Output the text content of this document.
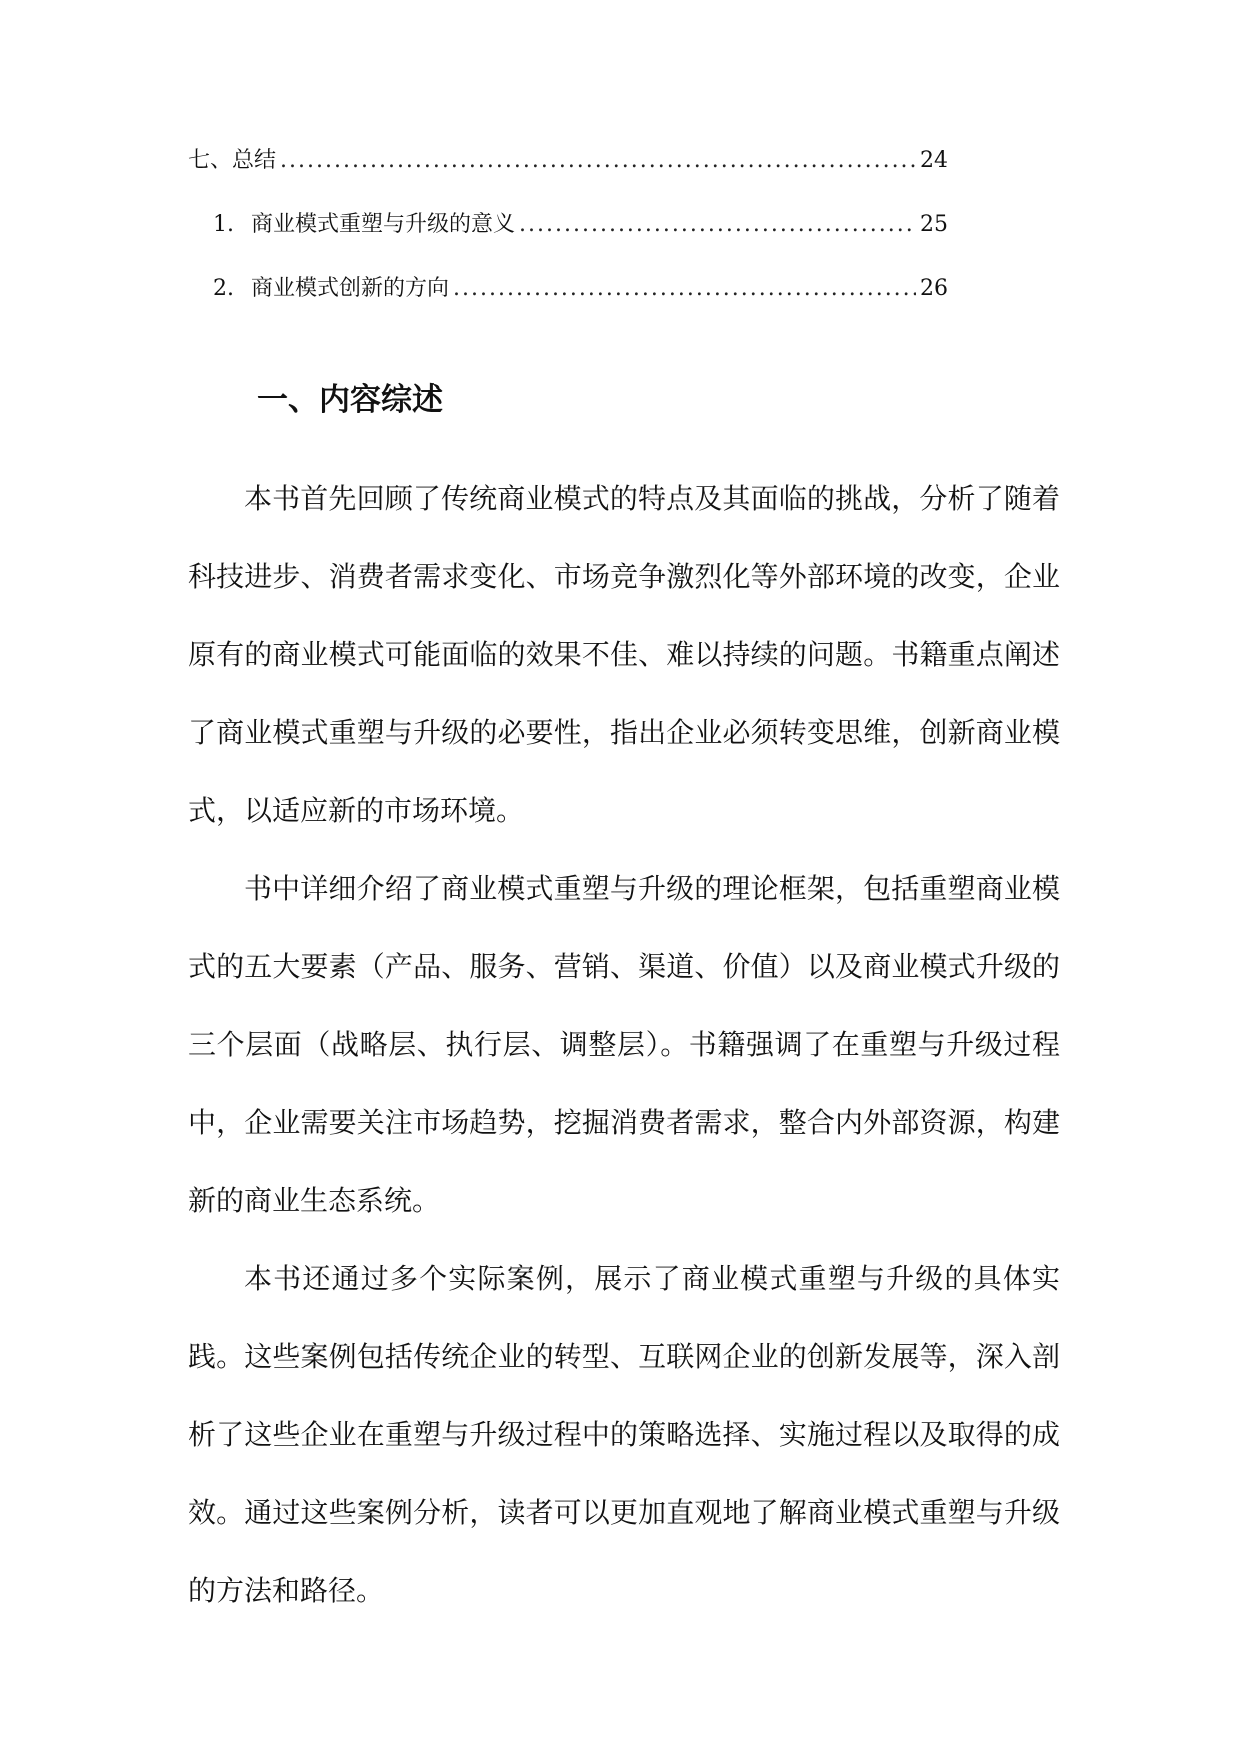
七、 总结 .....	24
1. 商业模式重塑与升级的意义 .....	25
2. 商业模式创新的方向 .....	26
一、内容综述

本书首先回顾了传统商业模式的特点及其面临的挑战，分析了随着科技进步、消费者需求变化、市场竞争激烈化等外部环境的改变，企业原有的商业模式可能面临的效果不佳、难以持续的问题。书籍重点阐述了商业模式重塑与升级的必要性，指出企业必须转变思维，创新商业模式，以适应新的市场环境。

书中详细介绍了商业模式重塑与升级的理论框架，包括重塑商业模式的五大要素（产品、服务、营销、渠道、价值）以及商业模式升级的三个层面（战略层、执行层、调整层）。书籍强调了在重塑与升级过程中，企业需要关注市场趋势，挖掘消费者需求，整合内外部资源，构建新的商业生态系统。

本书还通过多个实际案例，展示了商业模式重塑与升级的具体实践。这些案例包括传统企业的转型、互联网企业的创新发展等，深入剖析了这些企业在重塑与升级过程中的策略选择、实施过程以及取得的成效。通过这些案例分析，读者可以更加直观地了解商业模式重塑与升级的方法和路径。
